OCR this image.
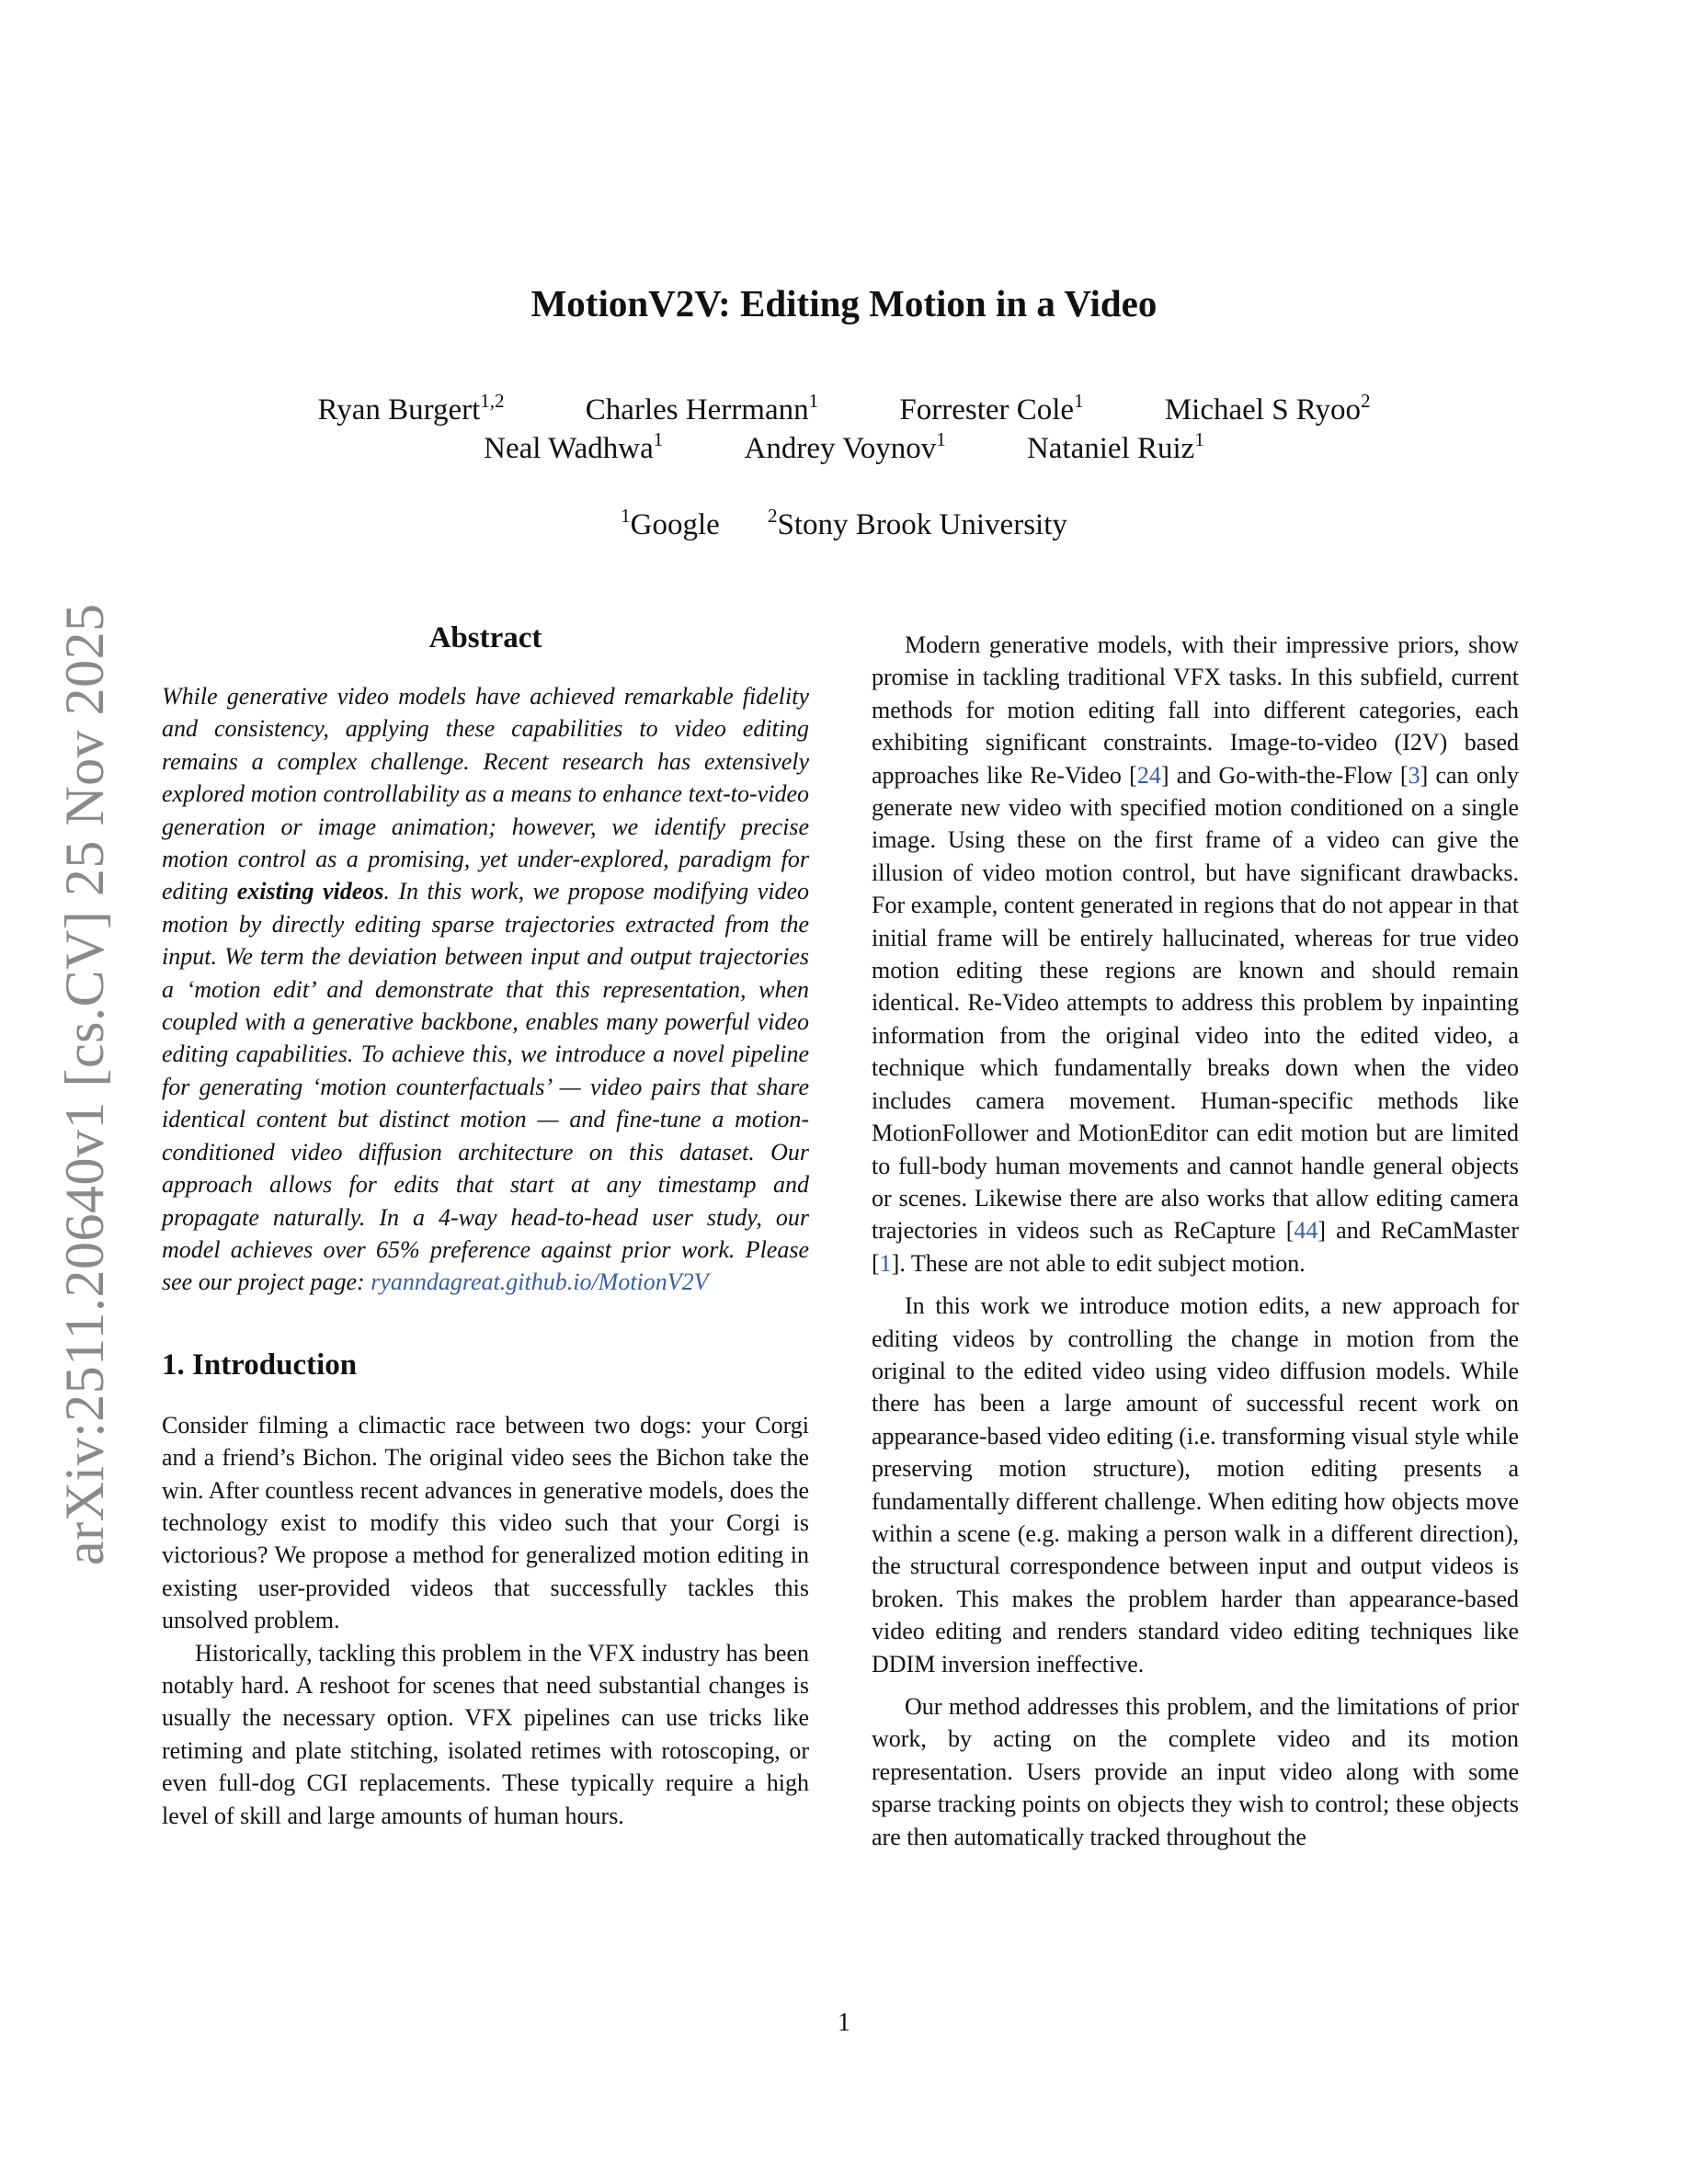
arXiv:2511.20640v1 [cs.CV] 25 Nov 2025
MotionV2V: Editing Motion in a Video
Ryan Burgert$^{1,2}$	Charles Herrmann$^1$	Forrester Cole$^1$	Michael S Ryoo$^2$
Neal Wadhwa$^1$	Andrey Voynov$^1$	Nataniel Ruiz$^1$
$^1$Google $^2$Stony Brook University
Abstract

While generative video models have achieved remarkable fidelity and consistency, applying these capabilities to video editing remains a complex challenge. Recent research has extensively explored motion controllability as a means to enhance text-to-video generation or image animation; however, we identify precise motion control as a promising, yet under-explored, paradigm for editing existing videos. In this work, we propose modifying video motion by directly editing sparse trajectories extracted from the input. We term the deviation between input and output trajectories a ‘motion edit’ and demonstrate that this representation, when coupled with a generative backbone, enables many powerful video editing capabilities. To achieve this, we introduce a novel pipeline for generating ‘motion counterfactuals’ — video pairs that share identical content but distinct motion — and fine-tune a motion-conditioned video diffusion architecture on this dataset. Our approach allows for edits that start at any timestamp and propagate naturally. In a 4-way head-to-head user study, our model achieves over 65% preference against prior work. Please see our project page: ryanndagreat.github.io/MotionV2V

1. Introduction

Consider filming a climactic race between two dogs: your Corgi and a friend’s Bichon. The original video sees the Bichon take the win. After countless recent advances in generative models, does the technology exist to modify this video such that your Corgi is victorious? We propose a method for generalized motion editing in existing user-provided videos that successfully tackles this unsolved problem.

Historically, tackling this problem in the VFX industry has been notably hard. A reshoot for scenes that need substantial changes is usually the necessary option. VFX pipelines can use tricks like retiming and plate stitching, isolated retimes with rotoscoping, or even full-dog CGI replacements. These typically require a high level of skill and large amounts of human hours.

Modern generative models, with their impressive priors, show promise in tackling traditional VFX tasks. In this subfield, current methods for motion editing fall into different categories, each exhibiting significant constraints. Image-to-video (I2V) based approaches like Re-Video [24] and Go-with-the-Flow [3] can only generate new video with specified motion conditioned on a single image. Using these on the first frame of a video can give the illusion of video motion control, but have significant drawbacks. For example, content generated in regions that do not appear in that initial frame will be entirely hallucinated, whereas for true video motion editing these regions are known and should remain identical. Re-Video attempts to address this problem by inpainting information from the original video into the edited video, a technique which fundamentally breaks down when the video includes camera movement. Human-specific methods like MotionFollower and MotionEditor can edit motion but are limited to full-body human movements and cannot handle general objects or scenes. Likewise there are also works that allow editing camera trajectories in videos such as ReCapture [44] and ReCamMaster [1]. These are not able to edit subject motion.

In this work we introduce motion edits, a new approach for editing videos by controlling the change in motion from the original to the edited video using video diffusion models. While there has been a large amount of successful recent work on appearance-based video editing (i.e. transforming visual style while preserving motion structure), motion editing presents a fundamentally different challenge. When editing how objects move within a scene (e.g. making a person walk in a different direction), the structural correspondence between input and output videos is broken. This makes the problem harder than appearance-based video editing and renders standard video editing techniques like DDIM inversion ineffective.

Our method addresses this problem, and the limitations of prior work, by acting on the complete video and its motion representation. Users provide an input video along with some sparse tracking points on objects they wish to control; these objects are then automatically tracked throughout the

1
